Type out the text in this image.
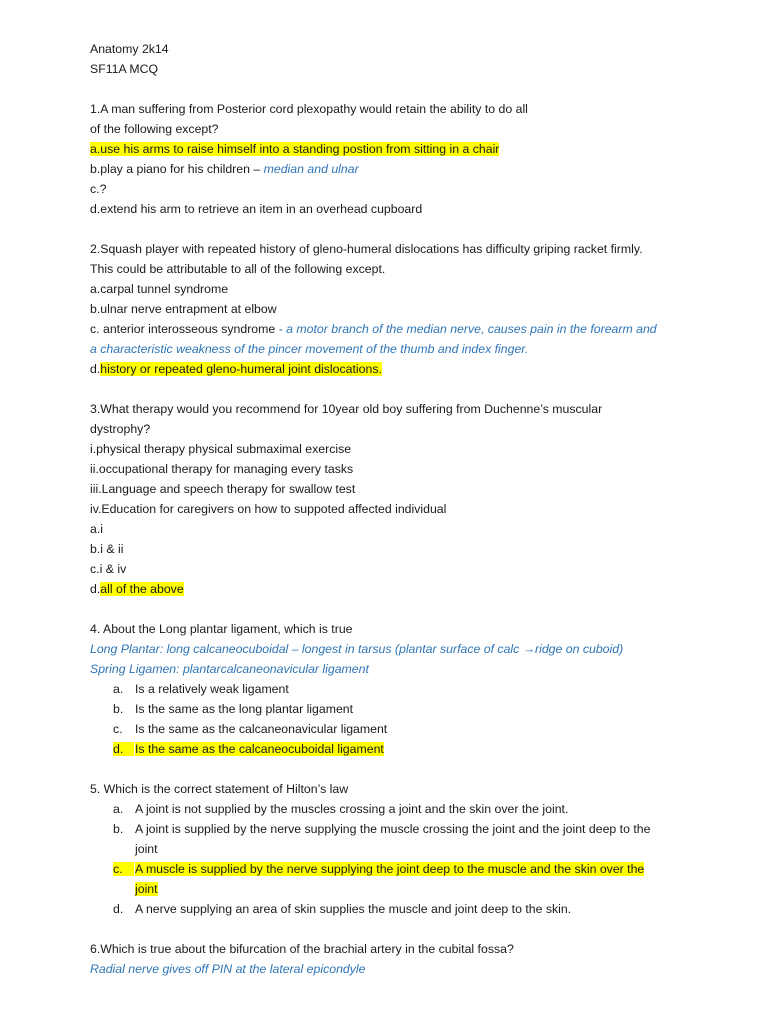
Anatomy 2k14
SF11A MCQ
1.A man suffering from Posterior cord plexopathy would retain the ability to do all
of the following except?
a.use his arms to raise himself into a standing postion from sitting in a chair
b.play a piano for his children – median and ulnar
c.?
d.extend his arm to retrieve an item in an overhead cupboard
2.Squash player with repeated history of gleno-humeral dislocations has difficulty griping racket firmly.
This could be attributable to all of the following except.
a.carpal tunnel syndrome
b.ulnar nerve entrapment at elbow
c. anterior interosseous syndrome - a motor branch of the median nerve, causes pain in the forearm and
a characteristic weakness of the pincer movement of the thumb and index finger.
d.history or repeated gleno-humeral joint dislocations.
3.What therapy would you recommend for 10year old boy suffering from Duchenne’s muscular
dystrophy?
i.physical therapy physical submaximal exercise
ii.occupational therapy for managing every tasks
iii.Language and speech therapy for swallow test
iv.Education for caregivers on how to suppoted affected individual
a.i
b.i & ii
c.i & iv
d.all of the above
4. About the Long plantar ligament, which is true
Long Plantar: long calcaneocuboidal – longest in tarsus (plantar surface of calc →ridge on cuboid)
Spring Ligamen: plantarcalcaneonavicular ligament
a. Is a relatively weak ligament
b. Is the same as the long plantar ligament
c. Is the same as the calcaneonavicular ligament
d. Is the same as the calcaneocuboidal ligament
5. Which is the correct statement of Hilton’s law
a. A joint is not supplied by the muscles crossing a joint and the skin over the joint.
b. A joint is supplied by the nerve supplying the muscle crossing the joint and the joint deep to the
joint
c.	A muscle is supplied by the nerve supplying the joint deep to the muscle and the skin over the
joint
d. A nerve supplying an area of skin supplies the muscle and joint deep to the skin.
6.Which is true about the bifurcation of the brachial artery in the cubital fossa?
Radial nerve gives off PIN at the lateral epicondyle
